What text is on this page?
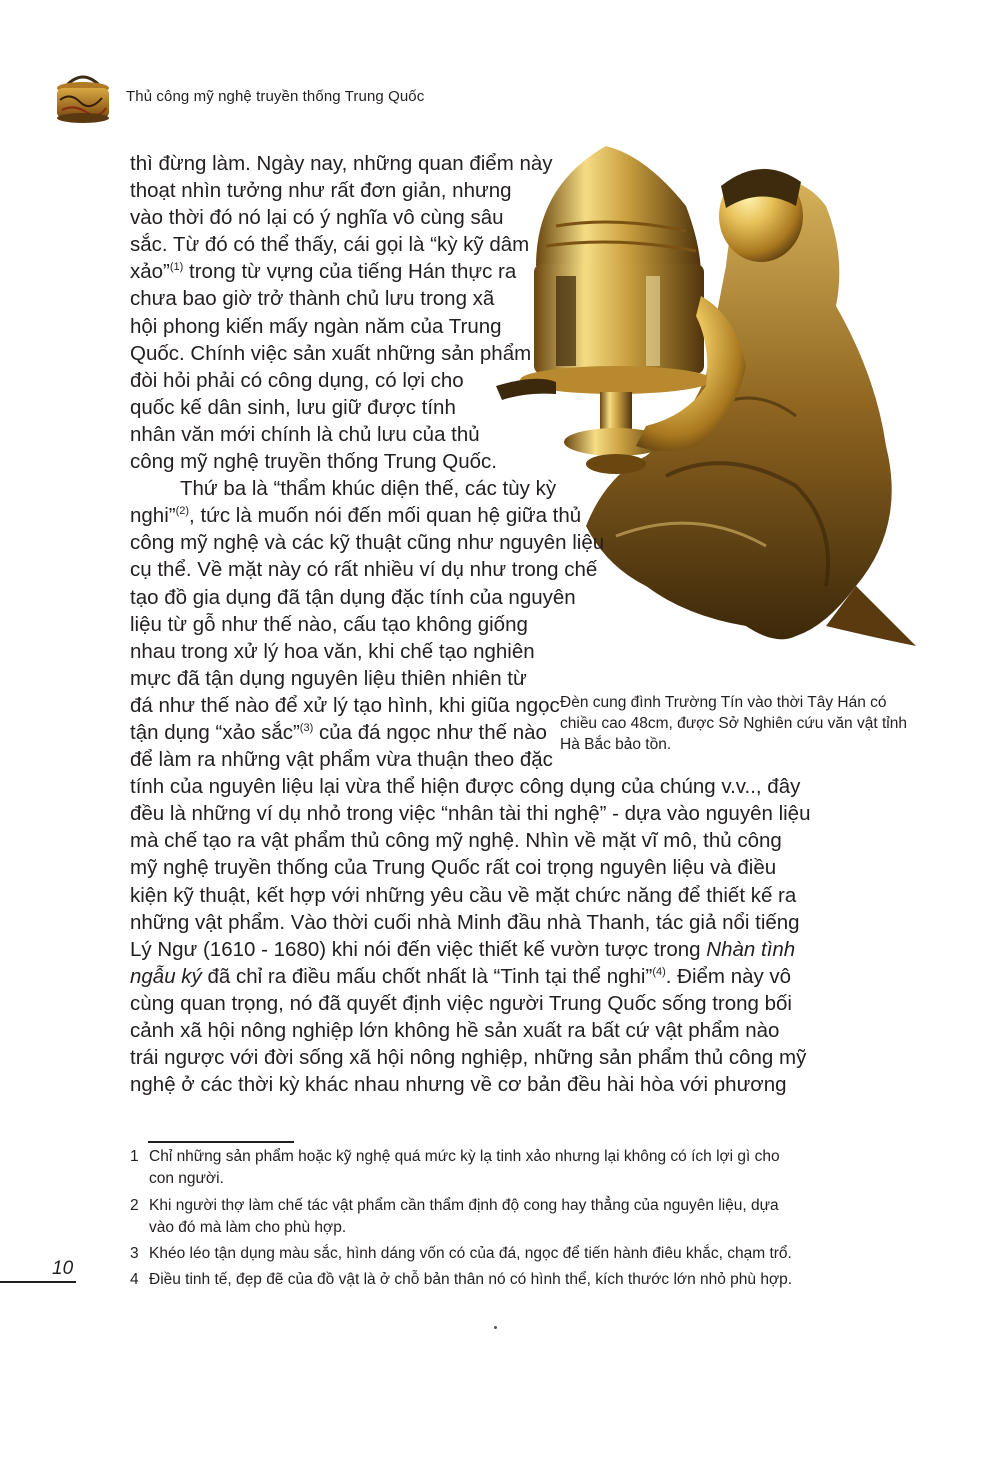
Thủ công mỹ nghệ truyền thống Trung Quốc
Đèn cung đình Trường Tín vào thời Tây Hán có chiều cao 48cm, được Sở Nghiên cứu văn vật tỉnh Hà Bắc bảo tồn.

thì đừng làm. Ngày nay, những quan điểm này
thoạt nhìn tưởng như rất đơn giản, nhưng
vào thời đó nó lại có ý nghĩa vô cùng sâu
sắc. Từ đó có thể thấy, cái gọi là “kỳ kỹ dâm
xảo”$^{(1)}$ trong từ vựng của tiếng Hán thực ra
chưa bao giờ trở thành chủ lưu trong xã
hội phong kiến mấy ngàn năm của Trung
Quốc. Chính việc sản xuất những sản phẩm
đòi hỏi phải có công dụng, có lợi cho
quốc kế dân sinh, lưu giữ được tính
nhân văn mới chính là chủ lưu của thủ
công mỹ nghệ truyền thống Trung Quốc.

Thứ ba là “thẩm khúc diện thế, các tùy kỳ
nghi”$^{(2)}$, tức là muốn nói đến mối quan hệ giữa thủ
công mỹ nghệ và các kỹ thuật cũng như nguyên liệu
cụ thể. Về mặt này có rất nhiều ví dụ như trong chế
tạo đồ gia dụng đã tận dụng đặc tính của nguyên
liệu từ gỗ như thế nào, cấu tạo không giống
nhau trong xử lý hoa văn, khi chế tạo nghiên
mực đã tận dụng nguyên liệu thiên nhiên từ
đá như thế nào để xử lý tạo hình, khi giũa ngọc
tận dụng “xảo sắc”$^{(3)}$ của đá ngọc như thế nào
để làm ra những vật phẩm vừa thuận theo đặc
tính của nguyên liệu lại vừa thể hiện được công dụng của chúng v.v.., đây
đều là những ví dụ nhỏ trong việc “nhân tài thi nghệ” - dựa vào nguyên liệu
mà chế tạo ra vật phẩm thủ công mỹ nghệ. Nhìn về mặt vĩ mô, thủ công
mỹ nghệ truyền thống của Trung Quốc rất coi trọng nguyên liệu và điều
kiện kỹ thuật, kết hợp với những yêu cầu về mặt chức năng để thiết kế ra
những vật phẩm. Vào thời cuối nhà Minh đầu nhà Thanh, tác giả nổi tiếng
Lý Ngư (1610 - 1680) khi nói đến việc thiết kế vườn tược trong Nhàn tình
ngẫu ký đã chỉ ra điều mấu chốt nhất là “Tinh tại thể nghi”$^{(4)}$. Điểm này vô
cùng quan trọng, nó đã quyết định việc người Trung Quốc sống trong bối
cảnh xã hội nông nghiệp lớn không hề sản xuất ra bất cứ vật phẩm nào
trái ngược với đời sống xã hội nông nghiệp, những sản phẩm thủ công mỹ
nghệ ở các thời kỳ khác nhau nhưng về cơ bản đều hài hòa với phương

1 Chỉ những sản phẩm hoặc kỹ nghệ quá mức kỳ lạ tinh xảo nhưng lại không có ích lợi gì cho con người.
2 Khi người thợ làm chế tác vật phẩm cần thẩm định độ cong hay thẳng của nguyên liệu, dựa vào đó mà làm cho phù hợp.
3 Khéo léo tận dụng màu sắc, hình dáng vốn có của đá, ngọc để tiến hành điêu khắc, chạm trổ.
4 Điều tinh tế, đẹp đẽ của đồ vật là ở chỗ bản thân nó có hình thể, kích thước lớn nhỏ phù hợp.
10
